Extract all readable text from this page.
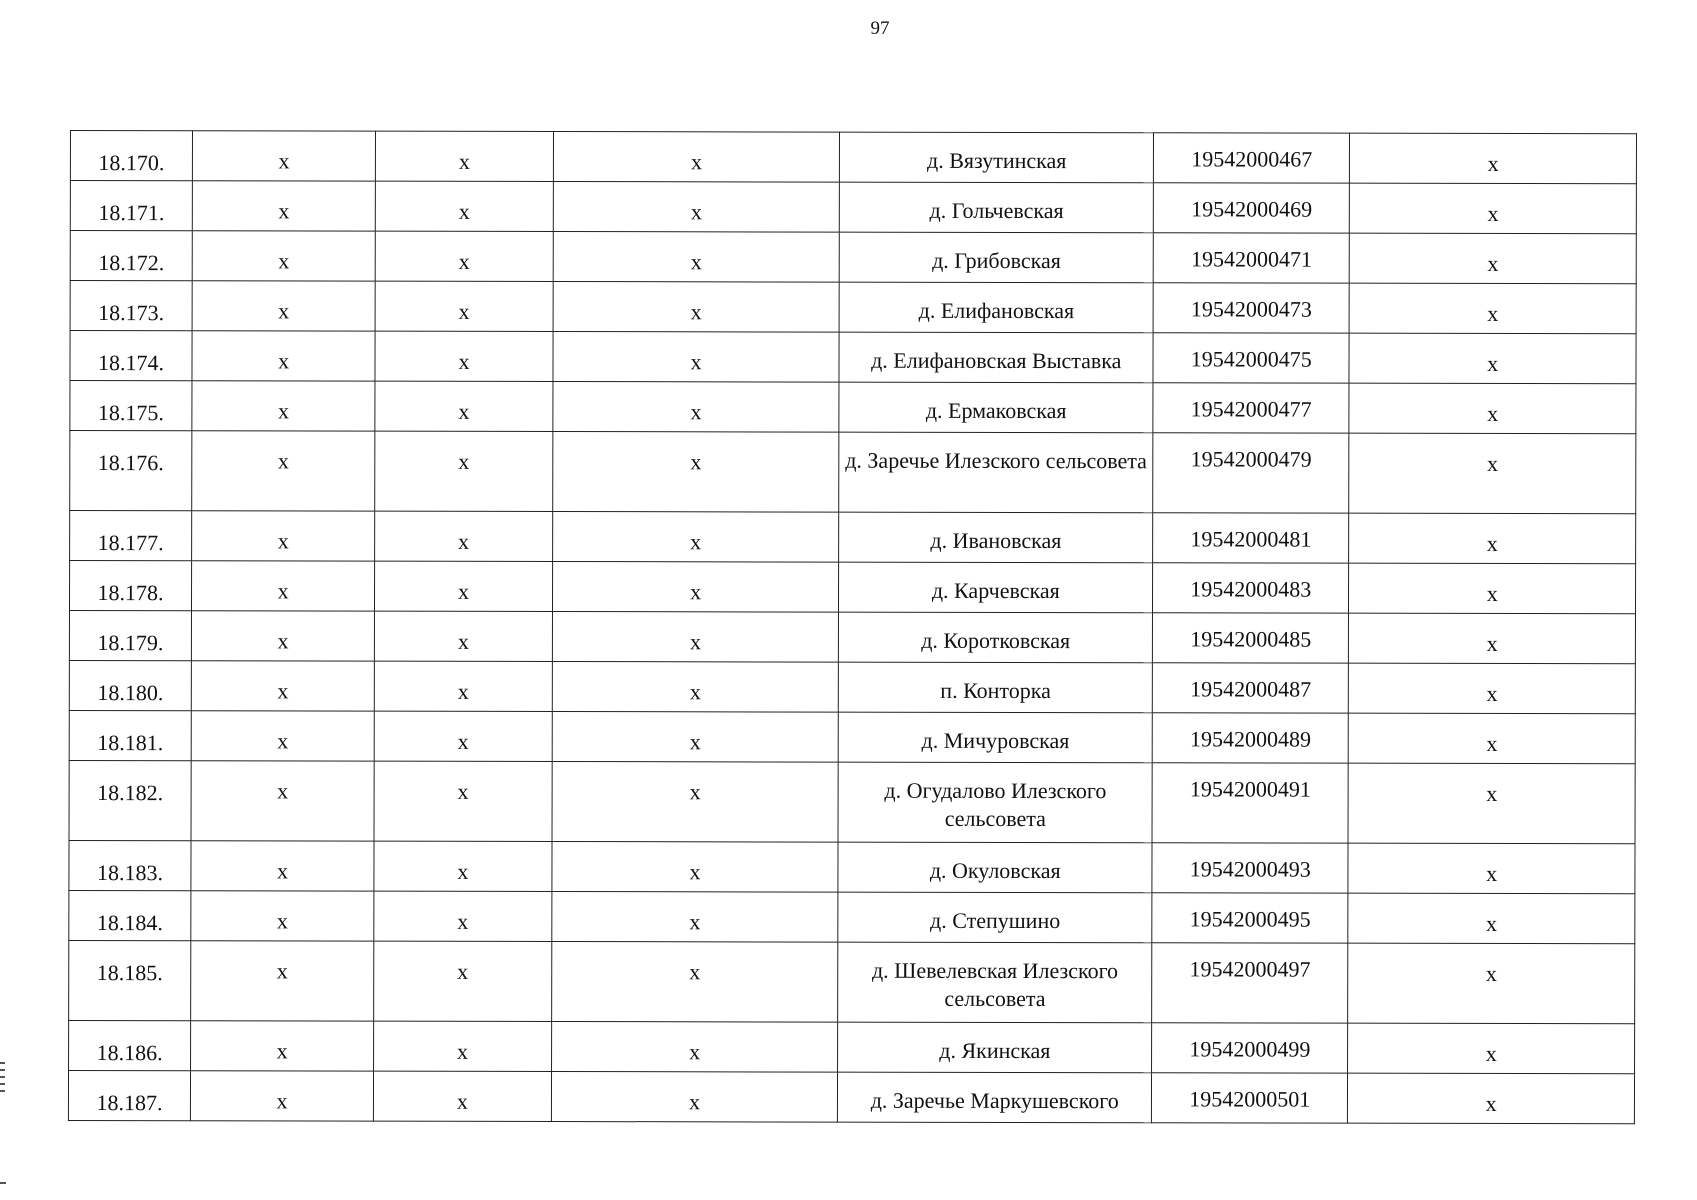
97
18.170.	x	x	x	д. Вязутинская	19542000467	x
18.171.	x	x	x	д. Гольчевская	19542000469	x
18.172.	x	x	x	д. Грибовская	19542000471	x
18.173.	x	x	x	д. Елифановская	19542000473	x
18.174.	x	x	x	д. Елифановская Выставка	19542000475	x
18.175.	x	x	x	д. Ермаковская	19542000477	x
18.176.	x	x	x	д. Заречье Илезского сельсовета	19542000479	x
18.177.	x	x	x	д. Ивановская	19542000481	x
18.178.	x	x	x	д. Карчевская	19542000483	x
18.179.	x	x	x	д. Коротковская	19542000485	x
18.180.	x	x	x	п. Конторка	19542000487	x
18.181.	x	x	x	д. Мичуровская	19542000489	x
18.182.	x	x	x	д. Огудалово Илезского сельсовета	19542000491	x
18.183.	x	x	x	д. Окуловская	19542000493	x
18.184.	x	x	x	д. Степушино	19542000495	x
18.185.	x	x	x	д. Шевелевская Илезского сельсовета	19542000497	x
18.186.	x	x	x	д. Якинская	19542000499	x
18.187.	x	x	x	д. Заречье Маркушевского	19542000501	x
